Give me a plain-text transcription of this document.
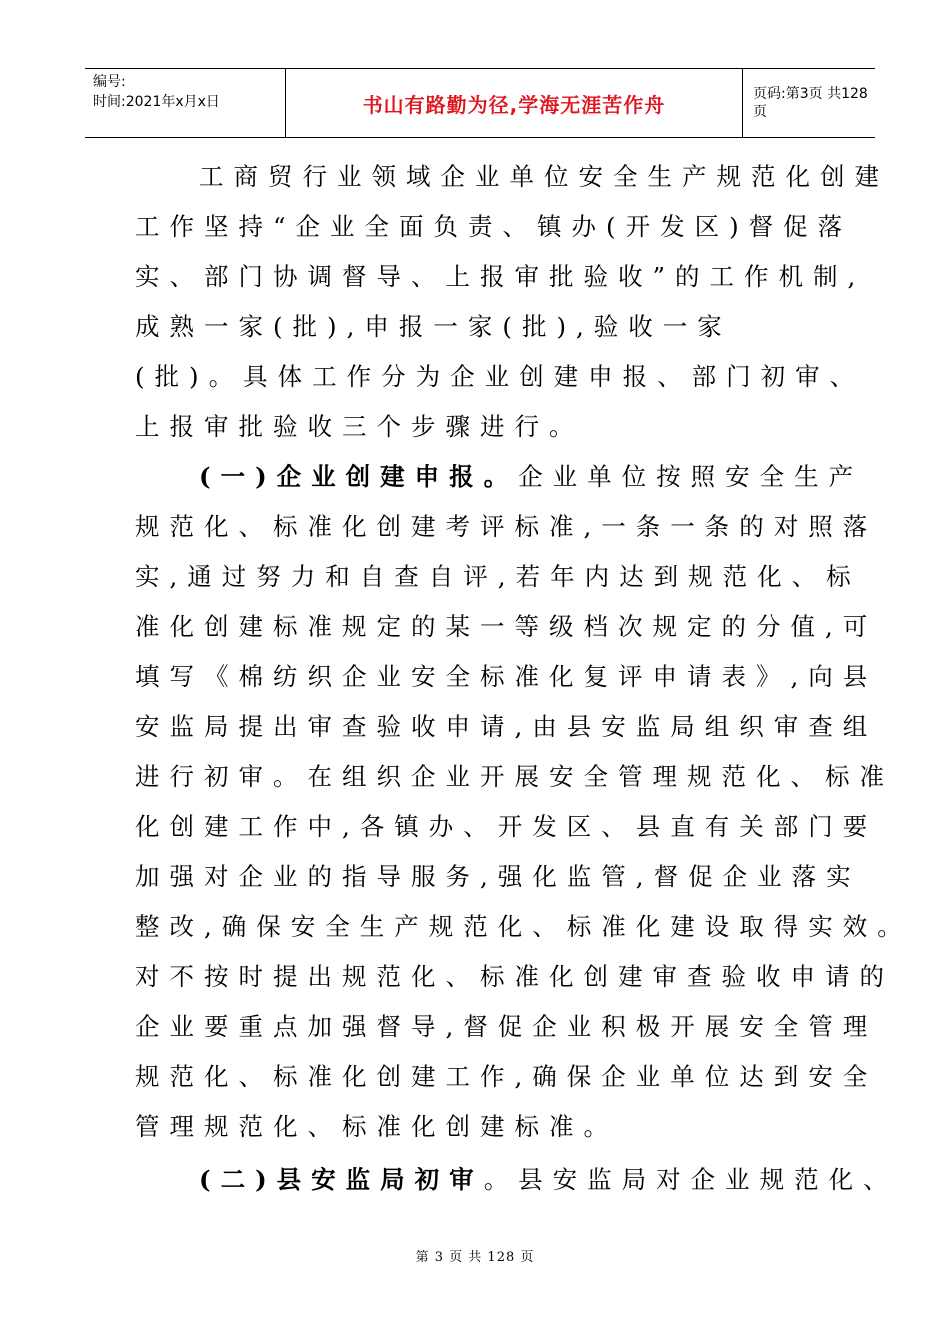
编号:
时间:2021年x月x日	书山有路勤为径,学海无涯苦作舟	页码:第3页 共128页
工商贸行业领域企业单位安全生产规范化创建
工作坚持“企业全面负责、镇办(开发区)督促落
实、部门协调督导、上报审批验收”的工作机制,
成熟一家(批),申报一家(批),验收一家
(批)。具体工作分为企业创建申报、部门初审、
上报审批验收三个步骤进行。
(一)企业创建申报。企业单位按照安全生产
规范化、标准化创建考评标准,一条一条的对照落
实,通过努力和自查自评,若年内达到规范化、标
准化创建标准规定的某一等级档次规定的分值,可
填写《棉纺织企业安全标准化复评申请表》,向县
安监局提出审查验收申请,由县安监局组织审查组
进行初审。在组织企业开展安全管理规范化、标准
化创建工作中,各镇办、开发区、县直有关部门要
加强对企业的指导服务,强化监管,督促企业落实
整改,确保安全生产规范化、标准化建设取得实效。
对不按时提出规范化、标准化创建审查验收申请的
企业要重点加强督导,督促企业积极开展安全管理
规范化、标准化创建工作,确保企业单位达到安全
管理规范化、标准化创建标准。
(二)县安监局初审。县安监局对企业规范化、
第 3 页 共 128 页
